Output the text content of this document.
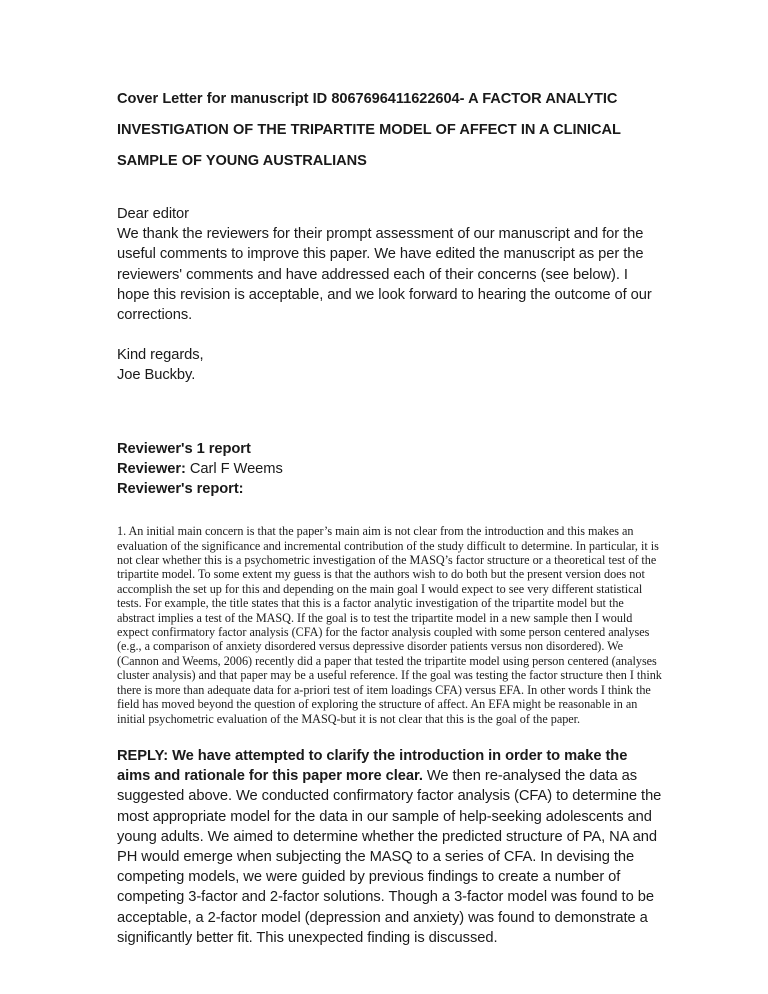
Cover Letter for manuscript ID 8067696411622604- A FACTOR ANALYTIC INVESTIGATION OF THE TRIPARTITE MODEL OF AFFECT IN A CLINICAL SAMPLE OF YOUNG AUSTRALIANS

Dear editor

We thank the reviewers for their prompt assessment of our manuscript and for the useful comments to improve this paper. We have edited the manuscript as per the reviewers' comments and have addressed each of their concerns (see below). I hope this revision is acceptable, and we look forward to hearing the outcome of our corrections.

Kind regards,

Joe Buckby.

Reviewer's 1 report
Reviewer: Carl F Weems
Reviewer's report:

1. An initial main concern is that the paper’s main aim is not clear from the introduction and this makes an evaluation of the significance and incremental contribution of the study difficult to determine. In particular, it is not clear whether this is a psychometric investigation of the MASQ’s factor structure or a theoretical test of the tripartite model. To some extent my guess is that the authors wish to do both but the present version does not accomplish the set up for this and depending on the main goal I would expect to see very different statistical tests. For example, the title states that this is a factor analytic investigation of the tripartite model but the abstract implies a test of the MASQ. If the goal is to test the tripartite model in a new sample then I would expect confirmatory factor analysis (CFA) for the factor analysis coupled with some person centered analyses (e.g., a comparison of anxiety disordered versus depressive disorder patients versus non disordered). We (Cannon and Weems, 2006) recently did a paper that tested the tripartite model using person centered (analyses cluster analysis) and that paper may be a useful reference. If the goal was testing the factor structure then I think there is more than adequate data for a-priori test of item loadings CFA) versus EFA. In other words I think the field has moved beyond the question of exploring the structure of affect. An EFA might be reasonable in an initial psychometric evaluation of the MASQ-but it is not clear that this is the goal of the paper.

REPLY: We have attempted to clarify the introduction in order to make the aims and rationale for this paper more clear. We then re-analysed the data as suggested above. We conducted confirmatory factor analysis (CFA) to determine the most appropriate model for the data in our sample of help-seeking adolescents and young adults. We aimed to determine whether the predicted structure of PA, NA and PH would emerge when subjecting the MASQ to a series of CFA. In devising the competing models, we were guided by previous findings to create a number of competing 3-factor and 2-factor solutions. Though a 3-factor model was found to be acceptable, a 2-factor model (depression and anxiety) was found to demonstrate a significantly better fit. This unexpected finding is discussed.
